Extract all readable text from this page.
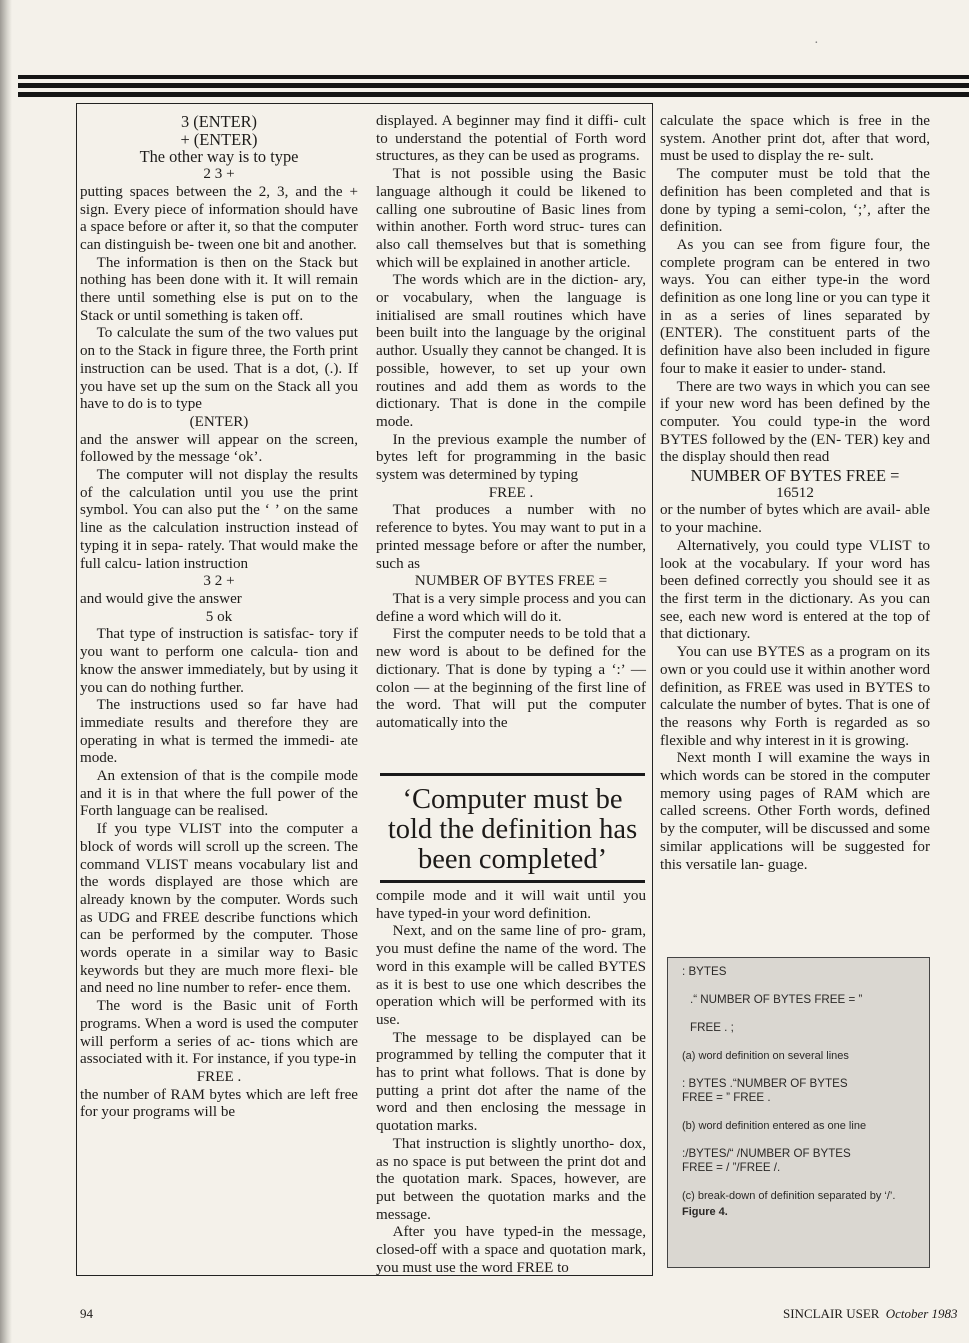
·

3 (ENTER)

+ (ENTER)

The other way is to type

2 3 +

putting spaces between the 2, 3, and the + sign. Every piece of information should have a space before or after it, so that the computer can distinguish be- tween one bit and another.

The information is then on the Stack but nothing has been done with it. It will remain there until something else is put on to the Stack or until something is taken off.

To calculate the sum of the two values put on to the Stack in figure three, the Forth print instruction can be used. That is a dot, (.). If you have set up the sum on the Stack all you have to do is to type

(ENTER)

and the answer will appear on the screen, followed by the message ‘ok’.

The computer will not display the results of the calculation until you use the print symbol. You can also put the ‘ ’ on the same line as the calculation instruction instead of typing it in sepa- rately. That would make the full calcu- lation instruction

3 2 +

and would give the answer

5 ok

That type of instruction is satisfac- tory if you want to perform one calcula- tion and know the answer immediately, but by using it you can do nothing further.

The instructions used so far have had immediate results and therefore they are operating in what is termed the immedi- ate mode.

An extension of that is the compile mode and it is in that where the full power of the Forth language can be realised.

If you type VLIST into the computer a block of words will scroll up the screen. The command VLIST means vocabulary list and the words displayed are those which are already known by the computer. Words such as UDG and FREE describe functions which can be performed by the computer. Those words operate in a similar way to Basic keywords but they are much more flexi- ble and need no line number to refer- ence them.

The word is the Basic unit of Forth programs. When a word is used the computer will perform a series of ac- tions which are associated with it. For instance, if you type-in

FREE .

the number of RAM bytes which are left free for your programs will be

displayed. A beginner may find it diffi- cult to understand the potential of Forth word structures, as they can be used as programs.

That is not possible using the Basic language although it could be likened to calling one subroutine of Basic lines from within another. Forth word struc- tures can also call themselves but that is something which will be explained in another article.

The words which are in the diction- ary, or vocabulary, when the language is initialised are small routines which have been built into the language by the original author. Usually they cannot be changed. It is possible, however, to set up your own routines and add them as words to the dictionary. That is done in the compile mode.

In the previous example the number of bytes left for programming in the basic system was determined by typing

FREE .

That produces a number with no reference to bytes. You may want to put in a printed message before or after the number, such as

NUMBER OF BYTES FREE =

That is a very simple process and you can define a word which will do it.

First the computer needs to be told that a new word is about to be defined for the dictionary. That is done by typing a ‘:’ — colon — at the beginning of the first line of the word. That will put the computer automatically into the

‘Computer must be told the definition has been completed’

compile mode and it will wait until you have typed-in your word definition.

Next, and on the same line of pro- gram, you must define the name of the word. The word in this example will be called BYTES as it is best to use one which describes the operation which will be performed with its use.

The message to be displayed can be programmed by telling the computer that it has to print what follows. That is done by putting a print dot after the name of the word and then enclosing the message in quotation marks.

That instruction is slightly unortho- dox, as no space is put between the print dot and the quotation mark. Spaces, however, are put between the quotation marks and the message.

After you have typed-in the message, closed-off with a space and quotation mark, you must use the word FREE to

calculate the space which is free in the system. Another print dot, after that word, must be used to display the re- sult.

The computer must be told that the definition has been completed and that is done by typing a semi-colon, ‘;’, after the definition.

As you can see from figure four, the complete program can be entered in two ways. You can either type-in the word definition as one long line or you can type it in as a series of lines separated by (ENTER). The constituent parts of the definition have also been included in figure four to make it easier to under- stand.

There are two ways in which you can see if your new word has been defined by the computer. You could type-in the word BYTES followed by the (EN- TER) key and the display should then read

NUMBER OF BYTES FREE =

16512

or the number of bytes which are avail- able to your machine.

Alternatively, you could type VLIST to look at the vocabulary. If your word has been defined correctly you should see it as the first term in the dictionary. As you can see, each new word is entered at the top of that dictionary.

You can use BYTES as a program on its own or you could use it within another word definition, as FREE was used in BYTES to calculate the number of bytes. That is one of the reasons why Forth is regarded as so flexible and why interest in it is growing.

Next month I will examine the ways in which words can be stored in the computer memory using pages of RAM which are called screens. Other Forth words, defined by the computer, will be discussed and some similar applications will be suggested for this versatile lan- guage.

: BYTES
.“ NUMBER OF BYTES FREE = ”
FREE . ;
(a) word definition on several lines
: BYTES .“NUMBER OF BYTES FREE = ” FREE .
(b) word definition entered as one line
:/BYTES/“ /NUMBER OF BYTES FREE = / ”/FREE /.
(c) break-down of definition separated by ‘/’.
Figure 4.
94	SINCLAIR USER October 1983
